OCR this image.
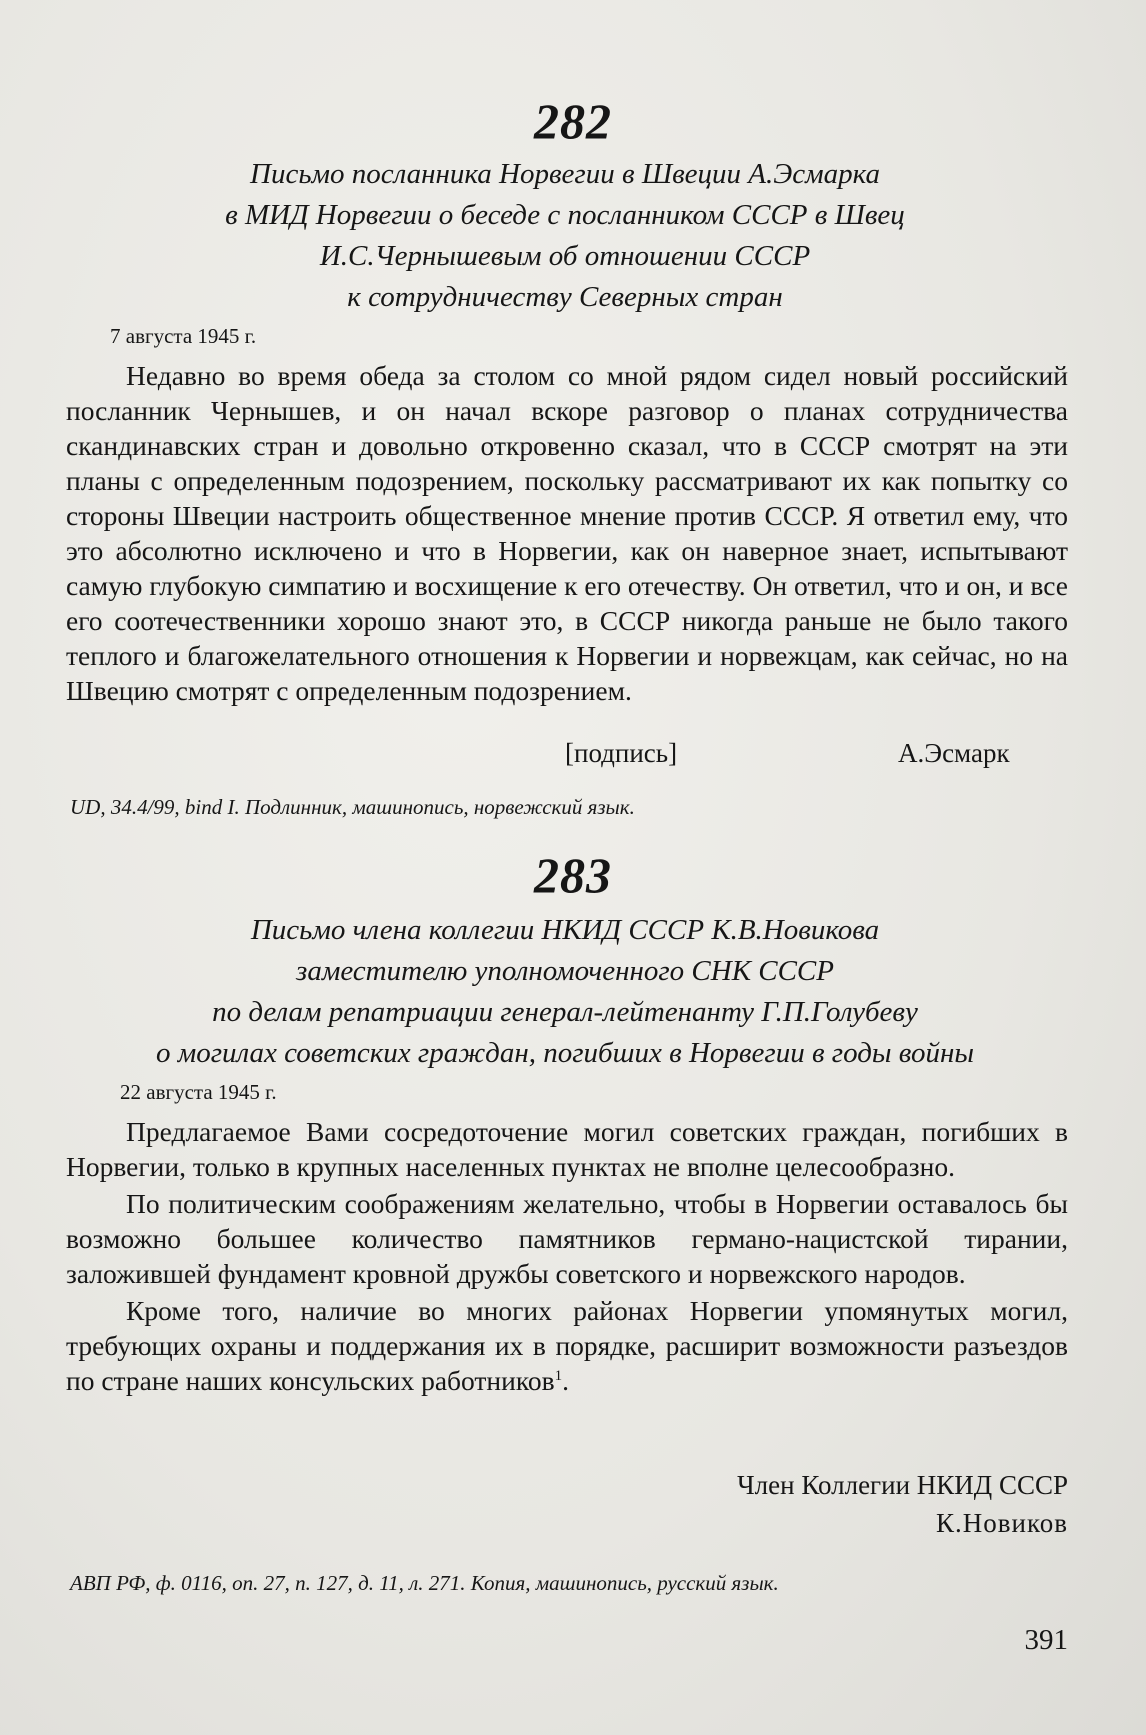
282
Письмо посланника Норвегии в Швеции А.Эсмарка
в МИД Норвегии о беседе с посланником СССР в Швец
И.С.Чернышевым об отношении СССР
к сотрудничеству Северных стран
7 августа 1945 г.

Недавно во время обеда за столом со мной рядом сидел новый российский посланник Чернышев, и он начал вскоре разговор о планах сотрудничества скандинавских стран и довольно откровенно сказал, что в СССР смотрят на эти планы с определенным подозрением, поскольку рассматривают их как попытку со стороны Швеции настроить общественное мнение против СССР. Я ответил ему, что это абсолютно исключено и что в Норвегии, как он наверное знает, испытывают самую глубокую симпатию и восхищение к его отечеству. Он ответил, что и он, и все его соотечественники хорошо знают это, в СССР никогда раньше не было такого теплого и благожелательного отношения к Норвегии и норвежцам, как сейчас, но на Швецию смотрят с определенным подозрением.

[подпись]	А.Эсмарк
UD, 34.4/99, bind I. Подлинник, машинопись, норвежский язык.
283
Письмо члена коллегии НКИД СССР К.В.Новикова
заместителю уполномоченного СНК СССР
по делам репатриации генерал-лейтенанту Г.П.Голубеву
о могилах советских граждан, погибших в Норвегии в годы войны
22 августа 1945 г.

Предлагаемое Вами сосредоточение могил советских граждан, погибших в Норвегии, только в крупных населенных пунктах не вполне целесообразно.

По политическим соображениям желательно, чтобы в Норвегии оставалось бы возможно большее количество памятников германо-нацистской тирании, заложившей фундамент кровной дружбы советского и норвежского народов.

Кроме того, наличие во многих районах Норвегии упомянутых могил, требующих охраны и поддержания их в порядке, расширит возможности разъездов по стране наших консульских работников$^1$.

Член Коллегии НКИД СССР
К.Новиков
АВП РФ, ф. 0116, оп. 27, п. 127, д. 11, л. 271. Копия, машинопись, русский язык.
391
